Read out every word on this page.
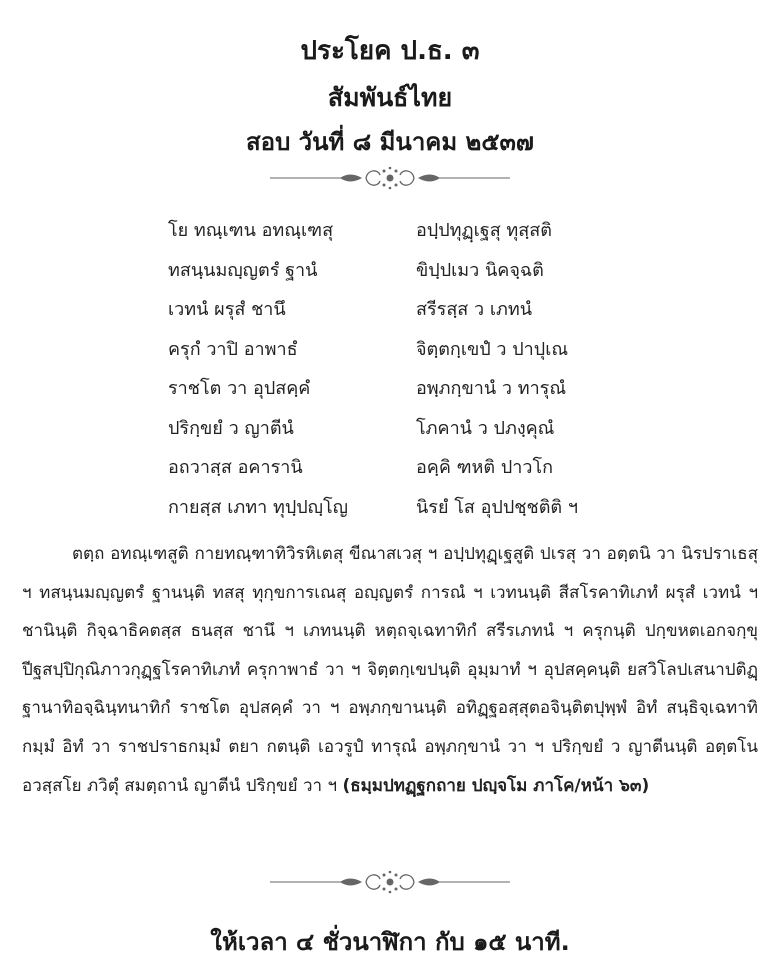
ประโยค ป.ธ. ๓
สัมพันธ์ไทย
สอบ วันที่ ๘ มีนาคม ๒๕๓๗
โย ทณฺเฑน อทณฺเฑสุ	อปฺปทุฏฺเฐสุ ทุสฺสติ
ทสนฺนมญฺญตรํ ฐานํ	ขิปฺปเมว นิคจฺฉติ
เวทนํ ผรุสํ ชานึ	สรีรสฺส ว เภทนํ
ครุกํ วาปิ อาพาธํ	จิตฺตกฺเขปํ ว ปาปุเณ
ราชโต วา อุปสคฺคํ	อพฺภกฺขานํ ว ทารุณํ
ปริกฺขยํ ว ญาตีนํ	โภคานํ ว ปภงฺคุณํ
อถวาสฺส อคารานิ	อคฺคิ ฑหติ ปาวโก
กายสฺส เภทา ทุปฺปญฺโญ	นิรยํ โส อุปปชฺชติติ ฯ
ตตฺถ อทณฺเฑสูติ กายทณฺฑาทิวิรหิเตสุ ขีณาสเวสุ ฯ อปฺปทุฏฺเฐสูติ ปเรสุ วา อตฺตนิ วา นิรปราเธสุ ฯ ทสนฺนมญฺญตรํ ฐานนฺติ ทสสุ ทุกฺขการเณสุ อญฺญตรํ การณํ ฯ เวทนนฺติ สีสโรคาทิเภทํ ผรุสํ เวทนํ ฯ ชานินฺติ กิจฺฉาธิคตสฺส ธนสฺส ชานึ ฯ เภทนนฺติ หตฺถจฺเฉทาทิกํ สรีรเภทนํ ฯ ครุกนฺติ ปกฺขหตเอกจกฺขุปีฐสปฺปิกุณิภาวกุฏฺฐโรคาทิเภทํ ครุกาพาธํ วา ฯ จิตฺตกฺเขปนฺติ อุมฺมาทํ ฯ อุปสคฺคนฺติ ยสวิโลปเสนาปติฏฺฐานาทิอจฺฉินฺทนาทิกํ ราชโต อุปสคฺคํ วา ฯ อพฺภกฺขานนฺติ อทิฏฺฐอสฺสุตอจินฺติตปุพฺพํ อิทํ สนฺธิจฺเฉทาทิกมฺมํ อิทํ วา ราชปราธกมฺมํ ตยา กตนฺติ เอวรูปํ ทารุณํ อพฺภกฺขานํ วา ฯ ปริกฺขยํ ว ญาตีนนฺติ อตฺตโน อวสฺสโย ภวิตุํ สมตฺถานํ ญาตีนํ ปริกฺขยํ วา ฯ (ธมฺมปทฏฺฐกถาย ปญฺจโม ภาโค/หน้า ๖๓)
ให้เวลา ๔ ชั่วนาฬิกา กับ ๑๕ นาที.
